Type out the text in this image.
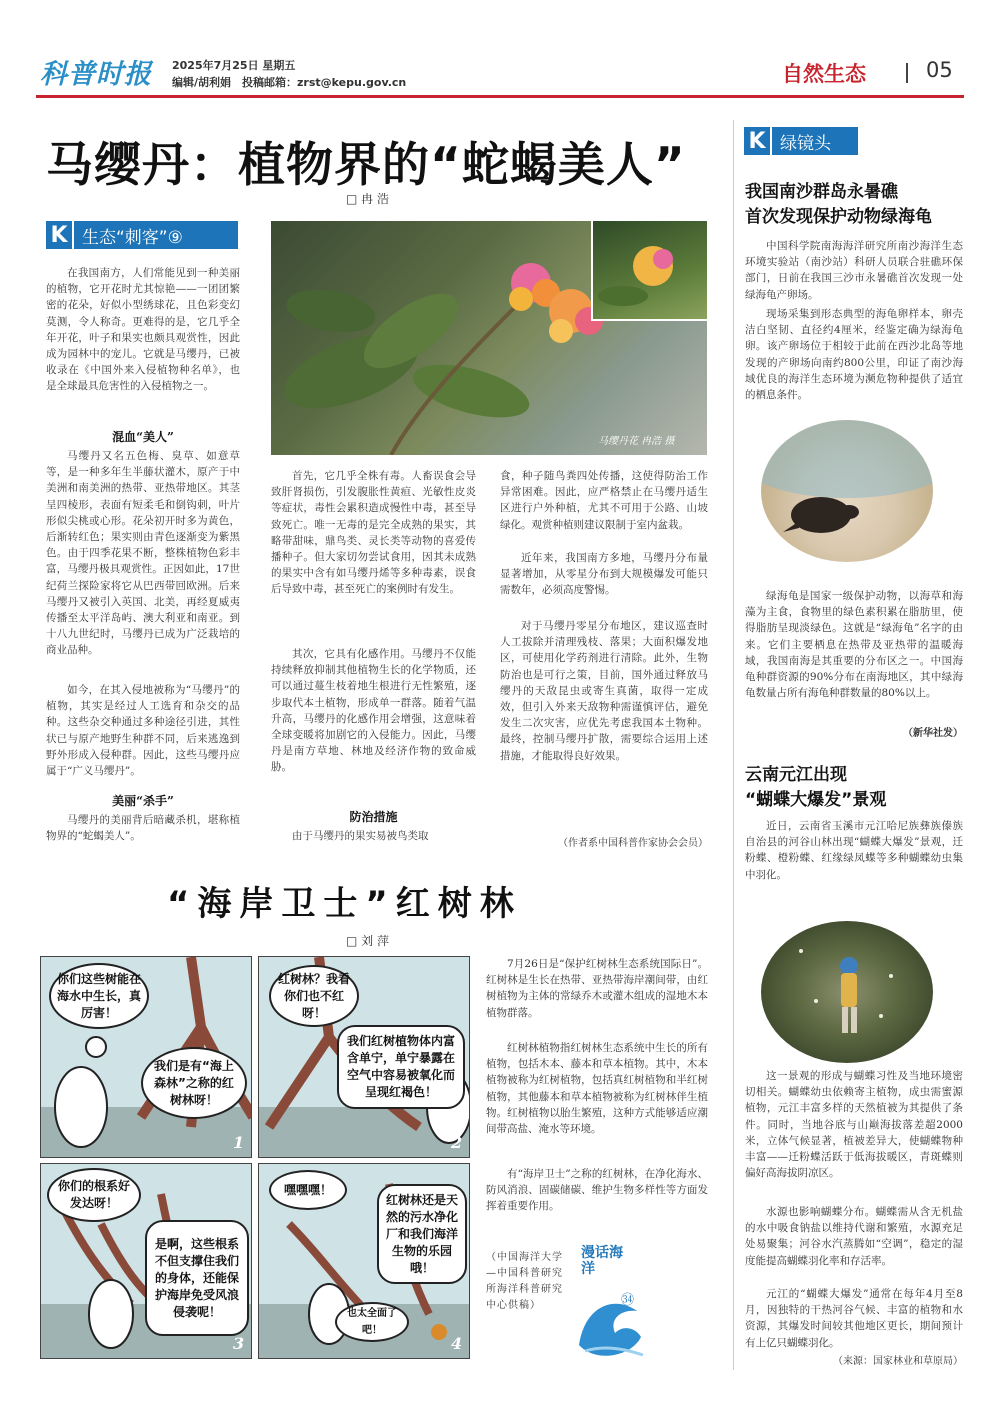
科普时报 2025年7月25日 星期五
编辑/胡利娟　投稿邮箱：zrst@kepu.gov.cn	自然生态	05
马缨丹：植物界的“蛇蝎美人”
□ 冉 浩
K 生态“刺客”⑨

在我国南方，人们常能见到一种美丽的植物，它开花时尤其惊艳——一团团繁密的花朵，好似小型绣球花，且色彩变幻莫测，令人称奇。更难得的是，它几乎全年开花，叶子和果实也颇具观赏性，因此成为园林中的宠儿。它就是马缨丹，已被收录在《中国外来入侵植物种名单》，也是全球最具危害性的入侵植物之一。

混血“美人”

马缨丹又名五色梅、臭草、如意草等，是一种多年生半藤状灌木，原产于中美洲和南美洲的热带、亚热带地区。其茎呈四棱形，表面有短柔毛和倒钩刺，叶片形似尖桃或心形。花朵初开时多为黄色，后渐转红色；果实则由青色逐渐变为紫黑色。由于四季花果不断，整株植物色彩丰富，马缨丹极具观赏性。正因如此，17世纪荷兰探险家将它从巴西带回欧洲。后来马缨丹又被引入英国、北美，再经夏威夷传播至太平洋岛屿、澳大利亚和南亚。到十八九世纪时，马缨丹已成为广泛栽培的商业品种。

如今，在其入侵地被称为“马缨丹”的植物，其实是经过人工选育和杂交的品种。这些杂交种通过多种途径引进，其性状已与原产地野生种群不同，后来逃逸到野外形成入侵种群。因此，这些马缨丹应属于“广义马缨丹”。

美丽“杀手”

马缨丹的美丽背后暗藏杀机，堪称植物界的“蛇蝎美人”。

马缨丹花 冉浩 摄

首先，它几乎全株有毒。人畜误食会导致肝肾损伤，引发腹胀性黄疸、光敏性皮炎等症状，毒性会累积造成慢性中毒，甚至导致死亡。唯一无毒的是完全成熟的果实，其略带甜味，鼎鸟类、灵长类等动物的喜爱传播种子。但大家切勿尝试食用，因其未成熟的果实中含有如马缨丹烯等多种毒素，误食后导致中毒，甚至死亡的案例时有发生。

其次，它具有化感作用。马缨丹不仅能持续释放抑制其他植物生长的化学物质，还可以通过蔓生枝着地生根进行无性繁殖，逐步取代本土植物，形成单一群落。随着气温升高，马缨丹的化感作用会增强，这意味着全球变暖将加剧它的入侵能力。因此，马缨丹是南方草地、林地及经济作物的致命威胁。

防治措施

由于马缨丹的果实易被鸟类取

食，种子随鸟粪四处传播，这使得防治工作异常困难。因此，应严格禁止在马缨丹适生区进行户外种植，尤其不可用于公路、山坡绿化。观赏种植则建议限制于室内盆栽。

近年来，我国南方多地，马缨丹分布量显著增加，从零星分布到大规模爆发可能只需数年，必须高度警惕。

对于马缨丹零星分布地区，建议巡查时人工拔除并清理残枝、落果；大面积爆发地区，可使用化学药剂进行清除。此外，生物防治也是可行之策，目前，国外通过释放马缨丹的天敌昆虫或寄生真菌，取得一定成效，但引入外来天敌物种需谨慎评估，避免发生二次灾害，应优先考虑我国本土物种。最终，控制马缨丹扩散，需要综合运用上述措施，才能取得良好效果。

（作者系中国科普作家协会会员）
K 绿镜头
我国南沙群岛永暑礁
首次发现保护动物绿海龟

中国科学院南海海洋研究所南沙海洋生态环境实验站（南沙站）科研人员联合驻礁环保部门，日前在我国三沙市永暑礁首次发现一处绿海龟产卵场。

现场采集到形态典型的海龟卵样本，卵壳洁白坚韧、直径约4厘米，经鉴定确为绿海龟卵。该产卵场位于相较于此前在西沙北岛等地发现的产卵场向南约800公里，印证了南沙海域优良的海洋生态环境为濒危物种提供了适宜的栖息条件。

绿海龟是国家一级保护动物，以海草和海藻为主食，食物里的绿色素积累在脂肪里，使得脂肪呈现淡绿色。这就是“绿海龟”名字的由来。它们主要栖息在热带及亚热带的温暖海域，我国南海是其重要的分布区之一。中国海龟种群资源的90%分布在南海地区，其中绿海龟数量占所有海龟种群数量的80%以上。

（新华社发）
云南元江出现
“蝴蝶大爆发”景观

近日，云南省玉溪市元江哈尼族彝族傣族自治县的河谷山林出现“蝴蝶大爆发”景观，迁粉蝶、橙粉蝶、红缘绿凤蝶等多种蝴蝶幼虫集中羽化。

这一景观的形成与蝴蝶习性及当地环境密切相关。蝴蝶幼虫依赖寄主植物，成虫需蜜源植物，元江丰富多样的天然植被为其提供了条件。同时，当地谷底与山巅海拔落差超2000米，立体气候显著，植被差异大，使蝴蝶物种丰富——迁粉蝶活跃于低海拔暖区，青斑蝶则偏好高海拔阴凉区。

水源也影响蝴蝶分布。蝴蝶需从含无机盐的水中吸食钠盐以维持代谢和繁殖，水源充足处易聚集；河谷水汽蒸腾如“空调”，稳定的湿度能提高蝴蝶羽化率和存活率。

元江的“蝴蝶大爆发”通常在每年4月至8月，因独特的干热河谷气候、丰富的植物和水资源，其爆发时间较其他地区更长，期间预计有上亿只蝴蝶羽化。

（来源：国家林业和草原局）
“海岸卫士”红树林
□ 刘 萍
你们这些树能在海水中生长，真厉害！
我们是有“海上森林”之称的红树林呀！
1
红树林？我看你们也不红呀！
我们红树植物体内富含单宁，单宁暴露在空气中容易被氧化而呈现红褐色！
2
你们的根系好发达呀！
是啊，这些根系不但支撑住我们的身体，还能保护海岸免受风浪侵袭呢！
3
嘿嘿嘿！
红树林还是天然的污水净化厂和我们海洋生物的乐园哦！
也太全面了吧！
4

7月26日是“保护红树林生态系统国际日”。红树林是生长在热带、亚热带海岸潮间带，由红树植物为主体的常绿乔木或灌木组成的湿地木本植物群落。

红树林植物指红树林生态系统中生长的所有植物，包括木本、藤本和草本植物。其中，木本植物被称为红树植物，包括真红树植物和半红树植物，其他藤本和草本植物被称为红树林伴生植物。红树植物以胎生繁殖，这种方式能够适应潮间带高盐、淹水等环境。

有“海岸卫士”之称的红树林，在净化海水、防风消浪、固碳储碳、维护生物多样性等方面发挥着重要作用。

（中国海洋大学—中国科普研究所海洋科普研究中心供稿）
漫话海洋
㉞
